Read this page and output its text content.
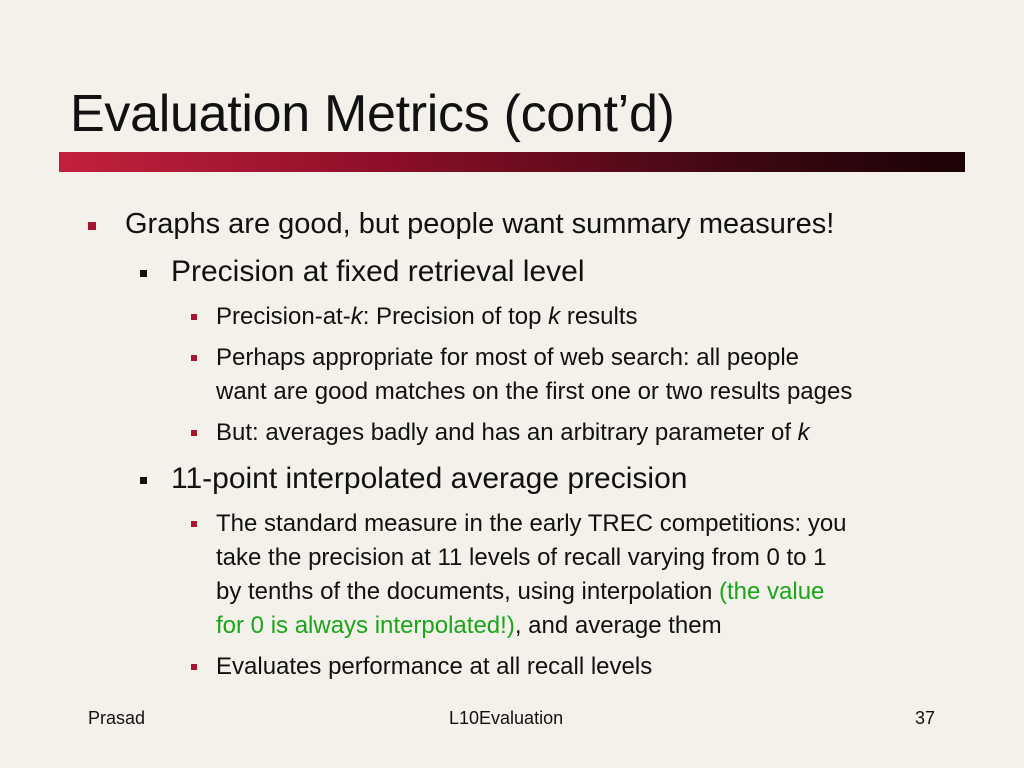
Evaluation Metrics (cont’d)
Graphs are good, but people want summary measures!
Precision at fixed retrieval level
Precision-at-k: Precision of top k results
Perhaps appropriate for most of web search: all people
want are good matches on the first one or two results pages
But: averages badly and has an arbitrary parameter of k
11-point interpolated average precision
The standard measure in the early TREC competitions: you
take the precision at 11 levels of recall varying from 0 to 1
by tenths of the documents, using interpolation (the value
for 0 is always interpolated!), and average them
Evaluates performance at all recall levels
Prasad	L10Evaluation	37
